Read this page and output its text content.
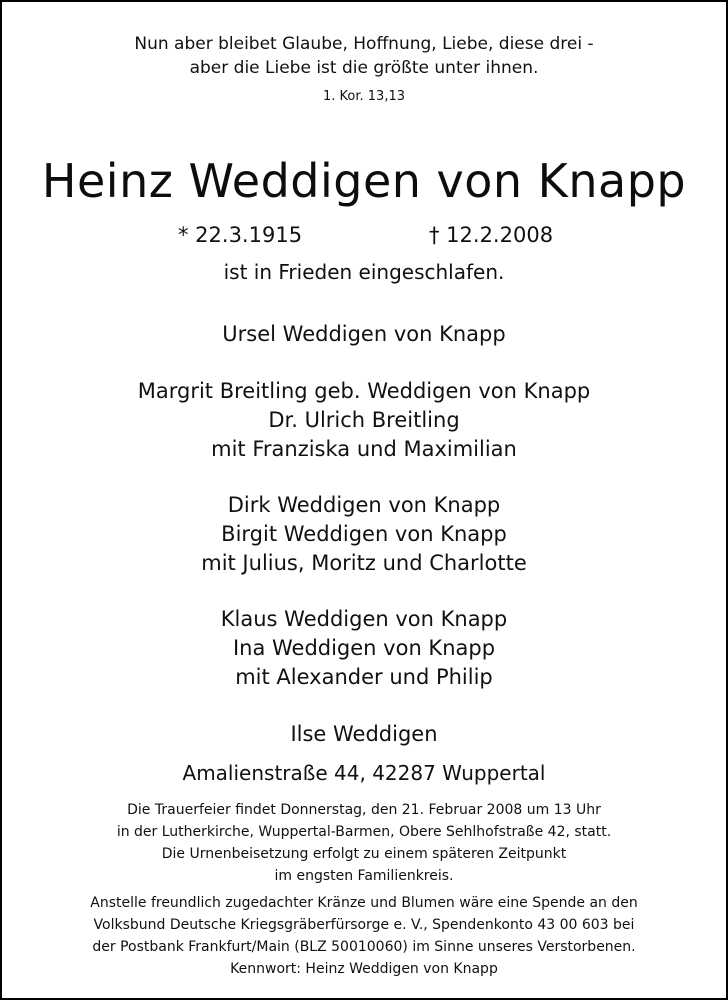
Nun aber bleibet Glaube, Hoffnung, Liebe, diese drei -
aber die Liebe ist die größte unter ihnen.
1. Kor. 13,13
Heinz Weddigen von Knapp
* 22.3.1915	† 12.2.2008
ist in Frieden eingeschlafen.
Ursel Weddigen von Knapp
Margrit Breitling geb. Weddigen von Knapp
Dr. Ulrich Breitling
mit Franziska und Maximilian
Dirk Weddigen von Knapp
Birgit Weddigen von Knapp
mit Julius, Moritz und Charlotte
Klaus Weddigen von Knapp
Ina Weddigen von Knapp
mit Alexander und Philip
Ilse Weddigen
Amalienstraße 44, 42287 Wuppertal
Die Trauerfeier findet Donnerstag, den 21. Februar 2008 um 13 Uhr
in der Lutherkirche, Wuppertal-Barmen, Obere Sehlhofstraße 42, statt.
Die Urnenbeisetzung erfolgt zu einem späteren Zeitpunkt
im engsten Familienkreis.
Anstelle freundlich zugedachter Kränze und Blumen wäre eine Spende an den
Volksbund Deutsche Kriegsgräberfürsorge e. V., Spendenkonto 43 00 603 bei
der Postbank Frankfurt/Main (BLZ 50010060) im Sinne unseres Verstorbenen.
Kennwort: Heinz Weddigen von Knapp
